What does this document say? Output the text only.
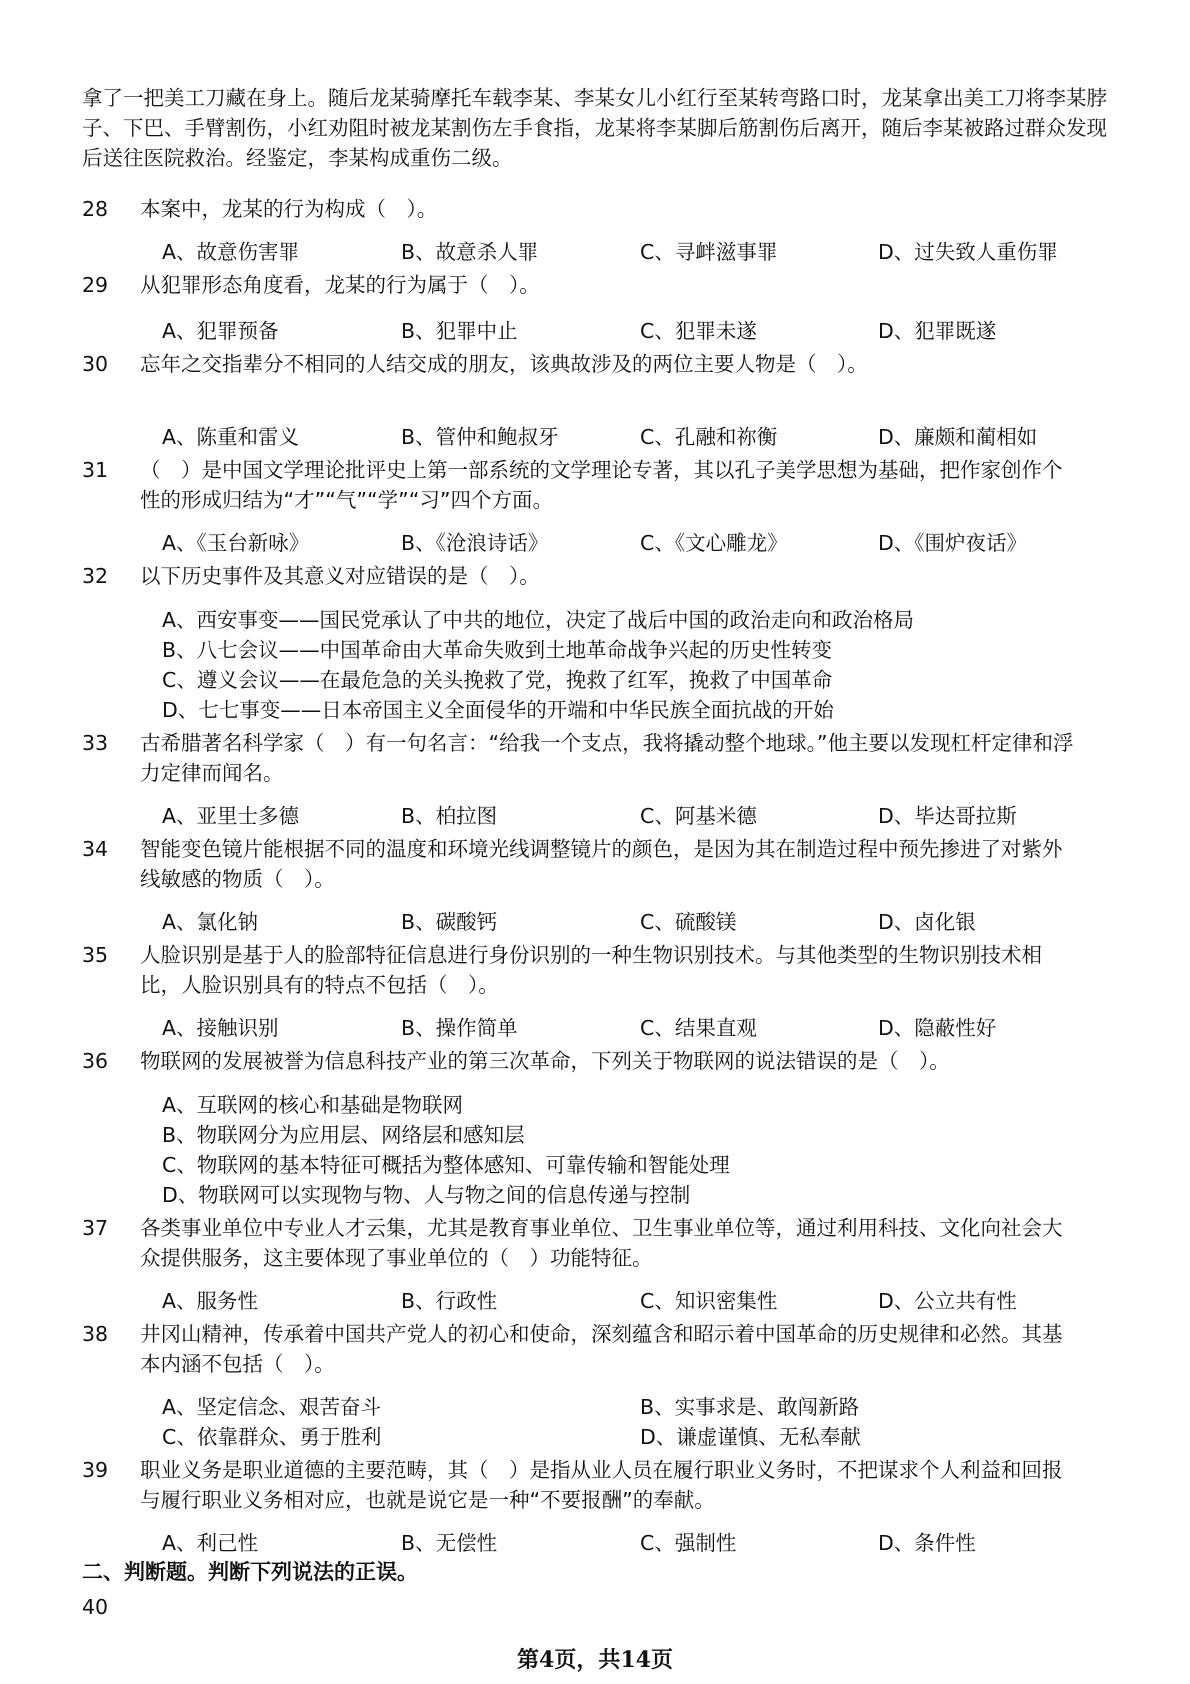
拿了一把美工刀藏在身上。随后龙某骑摩托车载李某、李某女儿小红行至某转弯路口时，龙某拿出美工刀将李某脖子、下巴、手臂割伤，小红劝阻时被龙某割伤左手食指，龙某将李某脚后筋割伤后离开，随后李某被路过群众发现后送往医院救治。经鉴定，李某构成重伤二级。
28 本案中，龙某的行为构成（　）。
A、故意伤害罪	B、故意杀人罪	C、寻衅滋事罪	D、过失致人重伤罪
29 从犯罪形态角度看，龙某的行为属于（　）。
A、犯罪预备	B、犯罪中止	C、犯罪未遂	D、犯罪既遂
30 忘年之交指辈分不相同的人结交成的朋友，该典故涉及的两位主要人物是（　）。
A、陈重和雷义	B、管仲和鲍叔牙	C、孔融和祢衡	D、廉颇和蔺相如
31 （　）是中国文学理论批评史上第一部系统的文学理论专著，其以孔子美学思想为基础，把作家创作个性的形成归结为“才”“气”“学”“习”四个方面。
A、《玉台新咏》	B、《沧浪诗话》	C、《文心雕龙》	D、《围炉夜话》
32 以下历史事件及其意义对应错误的是（　）。
A、西安事变——国民党承认了中共的地位，决定了战后中国的政治走向和政治格局
B、八七会议——中国革命由大革命失败到土地革命战争兴起的历史性转变
C、遵义会议——在最危急的关头挽救了党，挽救了红军，挽救了中国革命
D、七七事变——日本帝国主义全面侵华的开端和中华民族全面抗战的开始
33 古希腊著名科学家（　）有一句名言：“给我一个支点，我将撬动整个地球。”他主要以发现杠杆定律和浮力定律而闻名。
A、亚里士多德	B、柏拉图	C、阿基米德	D、毕达哥拉斯
34 智能变色镜片能根据不同的温度和环境光线调整镜片的颜色，是因为其在制造过程中预先掺进了对紫外线敏感的物质（　）。
A、氯化钠	B、碳酸钙	C、硫酸镁	D、卤化银
35 人脸识别是基于人的脸部特征信息进行身份识别的一种生物识别技术。与其他类型的生物识别技术相比，人脸识别具有的特点不包括（　）。
A、接触识别	B、操作简单	C、结果直观	D、隐蔽性好
36 物联网的发展被誉为信息科技产业的第三次革命，下列关于物联网的说法错误的是（　）。
A、互联网的核心和基础是物联网
B、物联网分为应用层、网络层和感知层
C、物联网的基本特征可概括为整体感知、可靠传输和智能处理
D、物联网可以实现物与物、人与物之间的信息传递与控制
37 各类事业单位中专业人才云集，尤其是教育事业单位、卫生事业单位等，通过利用科技、文化向社会大众提供服务，这主要体现了事业单位的（　）功能特征。
A、服务性	B、行政性	C、知识密集性	D、公立共有性
38 井冈山精神，传承着中国共产党人的初心和使命，深刻蕴含和昭示着中国革命的历史规律和必然。其基本内涵不包括（　）。
A、坚定信念、艰苦奋斗	B、实事求是、敢闯新路
C、依靠群众、勇于胜利	D、谦虚谨慎、无私奉献
39 职业义务是职业道德的主要范畴，其（　）是指从业人员在履行职业义务时，不把谋求个人利益和回报与履行职业义务相对应，也就是说它是一种“不要报酬”的奉献。
A、利己性	B、无偿性	C、强制性	D、条件性
二、判断题。判断下列说法的正误。
40
第4页，共14页
